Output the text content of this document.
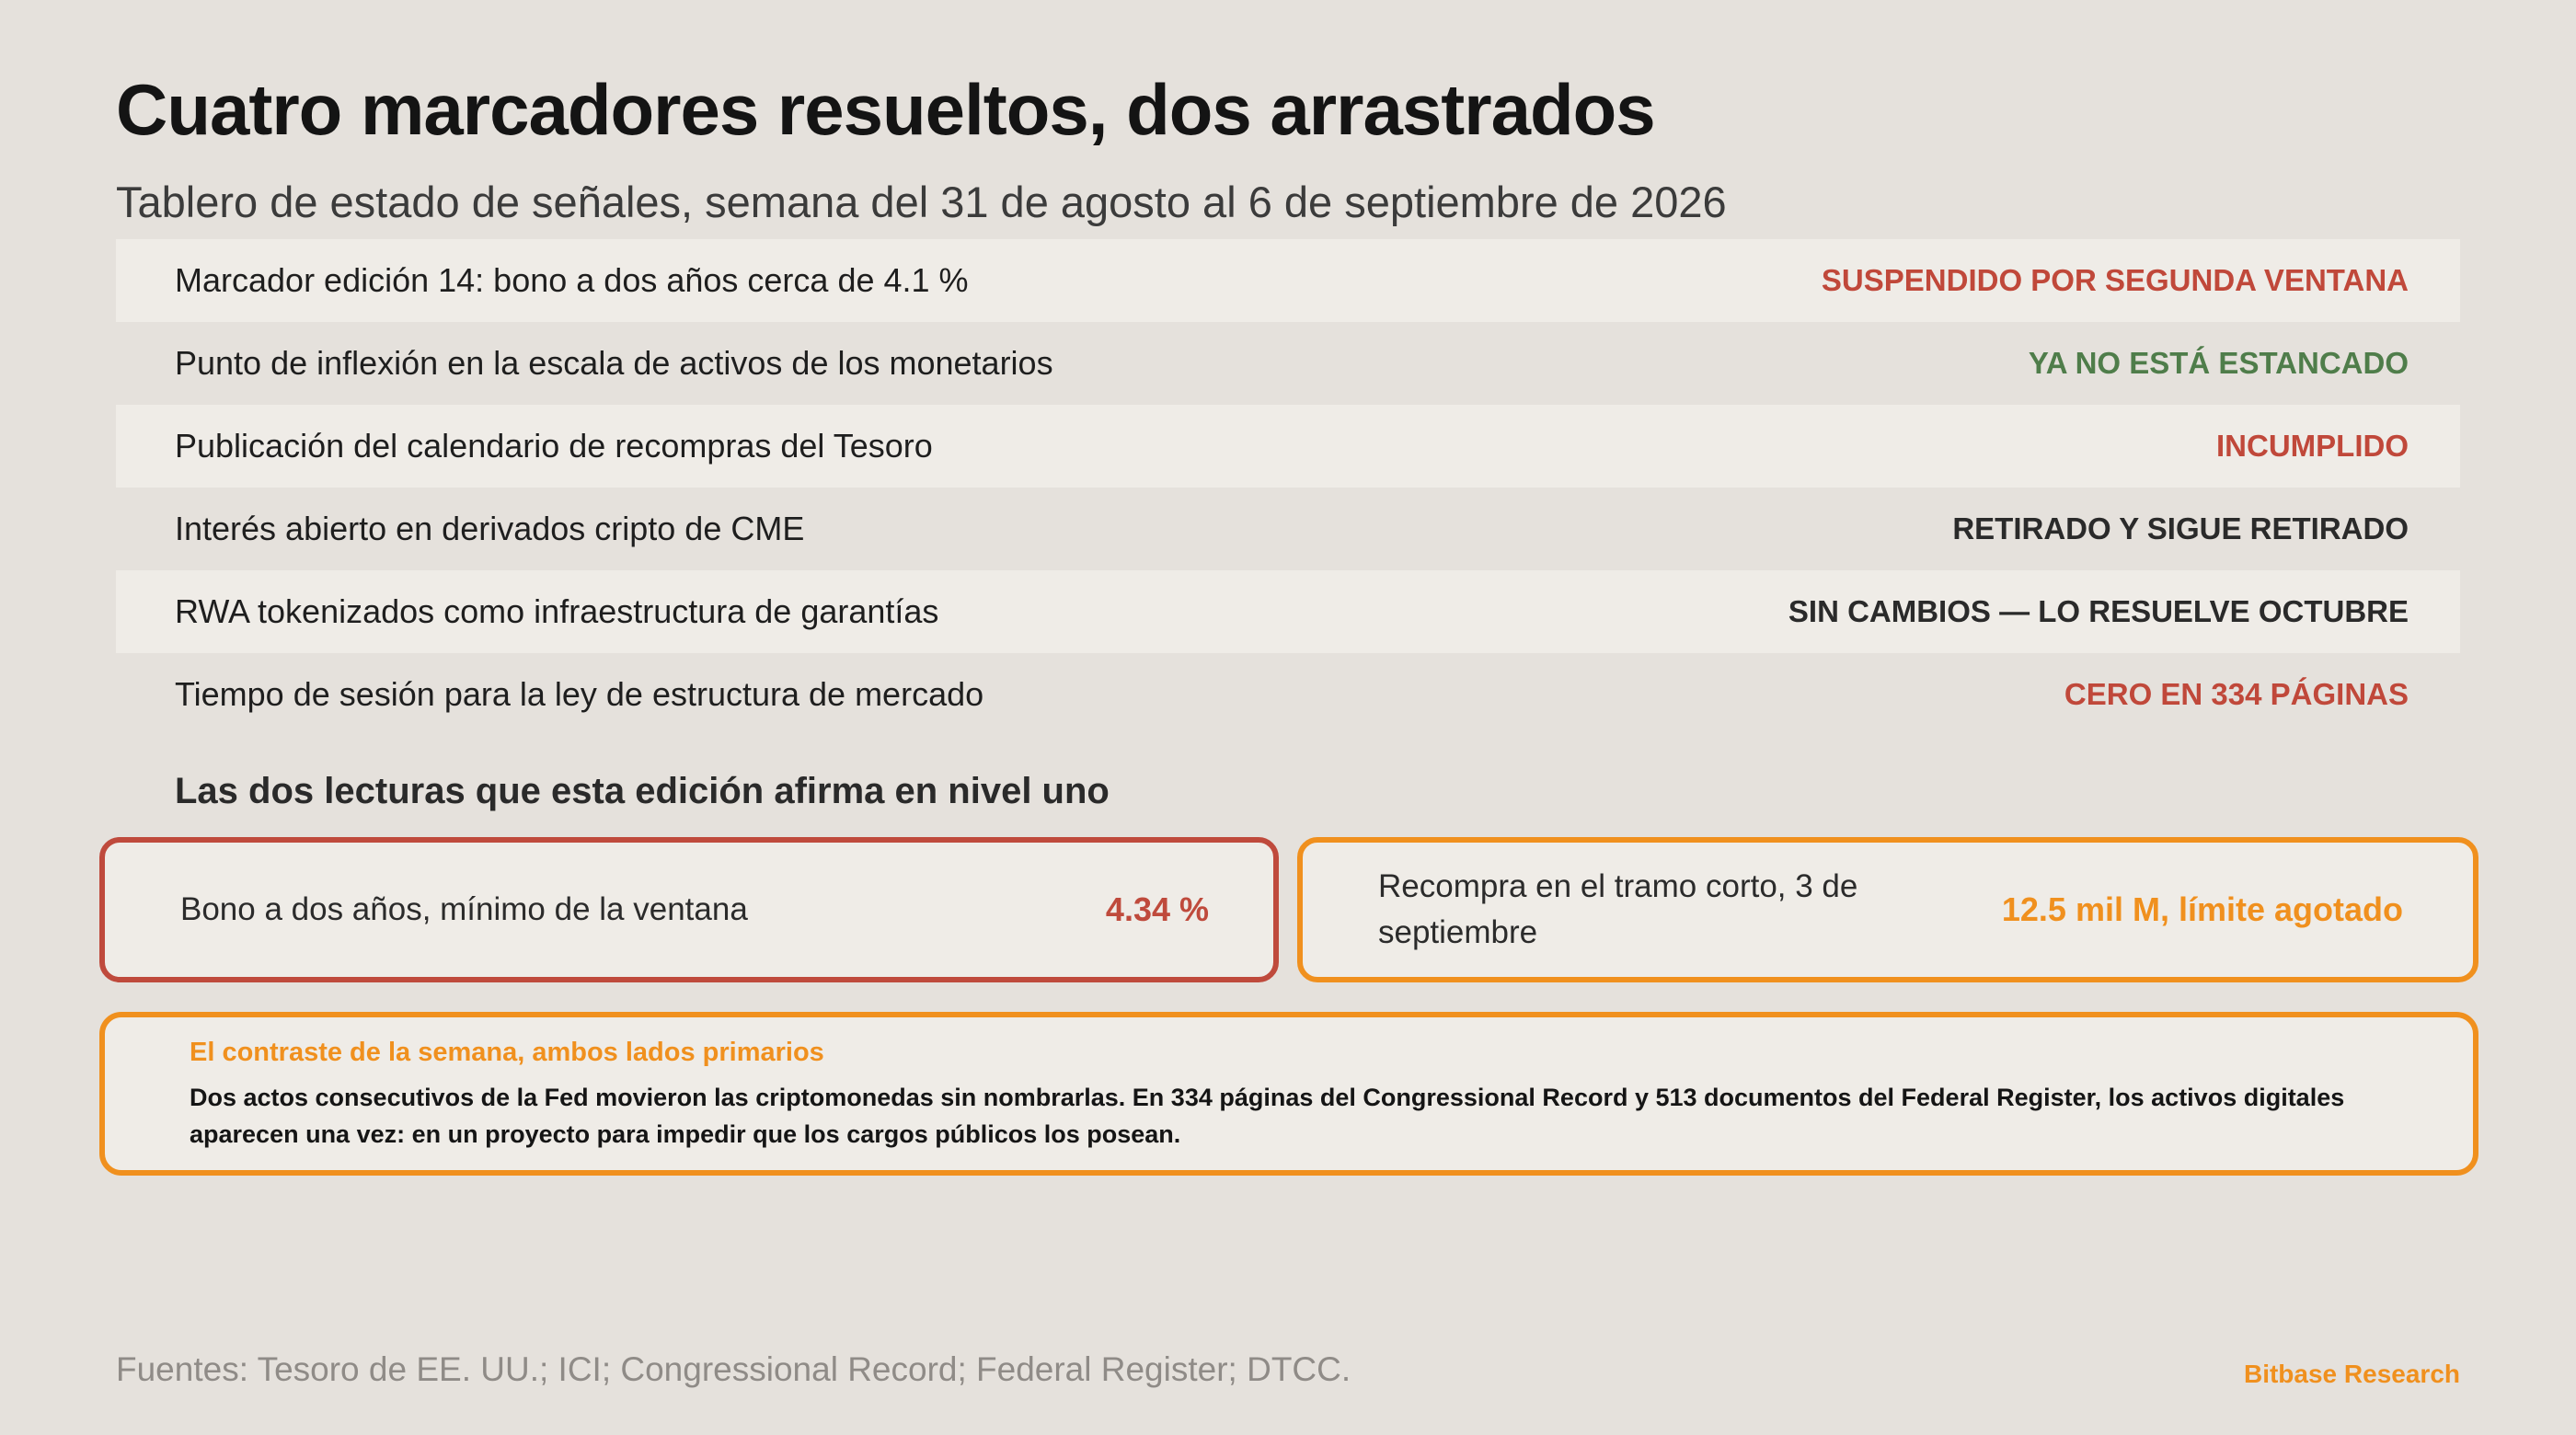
Cuatro marcadores resueltos, dos arrastrados
Tablero de estado de señales, semana del 31 de agosto al 6 de septiembre de 2026
Marcador edición 14: bono a dos años cerca de 4.1 %	SUSPENDIDO POR SEGUNDA VENTANA
Punto de inflexión en la escala de activos de los monetarios	YA NO ESTÁ ESTANCADO
Publicación del calendario de recompras del Tesoro	INCUMPLIDO
Interés abierto en derivados cripto de CME	RETIRADO Y SIGUE RETIRADO
RWA tokenizados como infraestructura de garantías	SIN CAMBIOS — LO RESUELVE OCTUBRE
Tiempo de sesión para la ley de estructura de mercado	CERO EN 334 PÁGINAS
Las dos lecturas que esta edición afirma en nivel uno
Bono a dos años, mínimo de la ventana	4.34 %
Recompra en el tramo corto, 3 de septiembre
12.5 mil M, límite agotado
El contraste de la semana, ambos lados primarios
Dos actos consecutivos de la Fed movieron las criptomonedas sin nombrarlas. En 334 páginas del Congressional Record y 513 documentos del Federal Register, los activos digitales aparecen una vez: en un proyecto para impedir que los cargos públicos los posean.
Fuentes: Tesoro de EE. UU.; ICI; Congressional Record; Federal Register; DTCC.	Bitbase Research
